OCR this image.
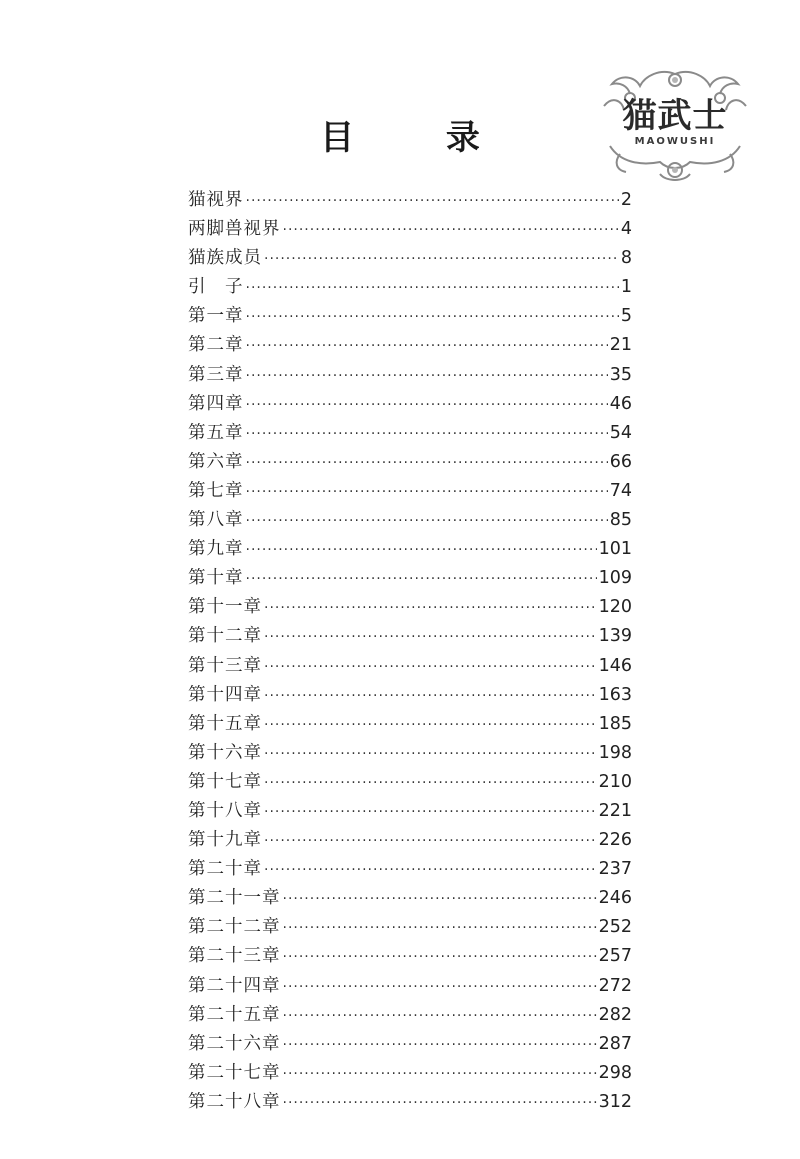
猫武士
MAOWUSHI
目 录
猫视界 ·····	2
两脚兽视界 ·····	4
猫族成员 ·····	8
引　子 ·····	1
第一章 ·····	5
第二章 ·····	21
第三章 ·····	35
第四章 ·····	46
第五章 ·····	54
第六章 ·····	66
第七章 ·····	74
第八章 ·····	85
第九章 ·····	101
第十章 ·····	109
第十一章 ·····	120
第十二章 ·····	139
第十三章 ·····	146
第十四章 ·····	163
第十五章 ·····	185
第十六章 ·····	198
第十七章 ·····	210
第十八章 ·····	221
第十九章 ·····	226
第二十章 ·····	237
第二十一章 ·····	246
第二十二章 ·····	252
第二十三章 ·····	257
第二十四章 ·····	272
第二十五章 ·····	282
第二十六章 ·····	287
第二十七章 ·····	298
第二十八章 ·····	312
